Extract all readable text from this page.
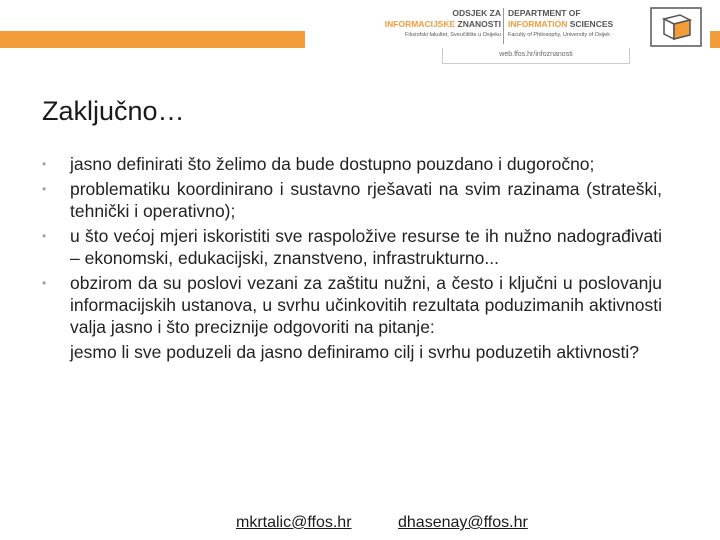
ODSJEK ZA
INFORMACIJSKE ZNANOSTI
Filozofski fakultet, Sveučilište u Osijeku
DEPARTMENT OF
INFORMATION SCIENCES
Faculty of Philosophy, University of Osijek
web.ffos.hr/infoznanosti
Zaključno…
• jasno definirati što želimo da bude dostupno pouzdano i dugoročno;
• problematiku koordinirano i sustavno rješavati na svim razinama (strateški, tehnički i operativno);
• u što većoj mjeri iskoristiti sve raspoložive resurse te ih nužno nadograđivati – ekonomski, edukacijski, znanstveno, infrastrukturno...
• obzirom da su poslovi vezani za zaštitu nužni, a često i ključni u poslovanju informacijskih ustanova, u svrhu učinkovitih rezultata poduzimanih aktivnosti valja jasno i što preciznije odgovoriti na pitanje:

jesmo li sve poduzeli da jasno definiramo cilj i svrhu poduzetih aktivnosti?

mkrtalic@ffos.hr	dhasenay@ffos.hr
